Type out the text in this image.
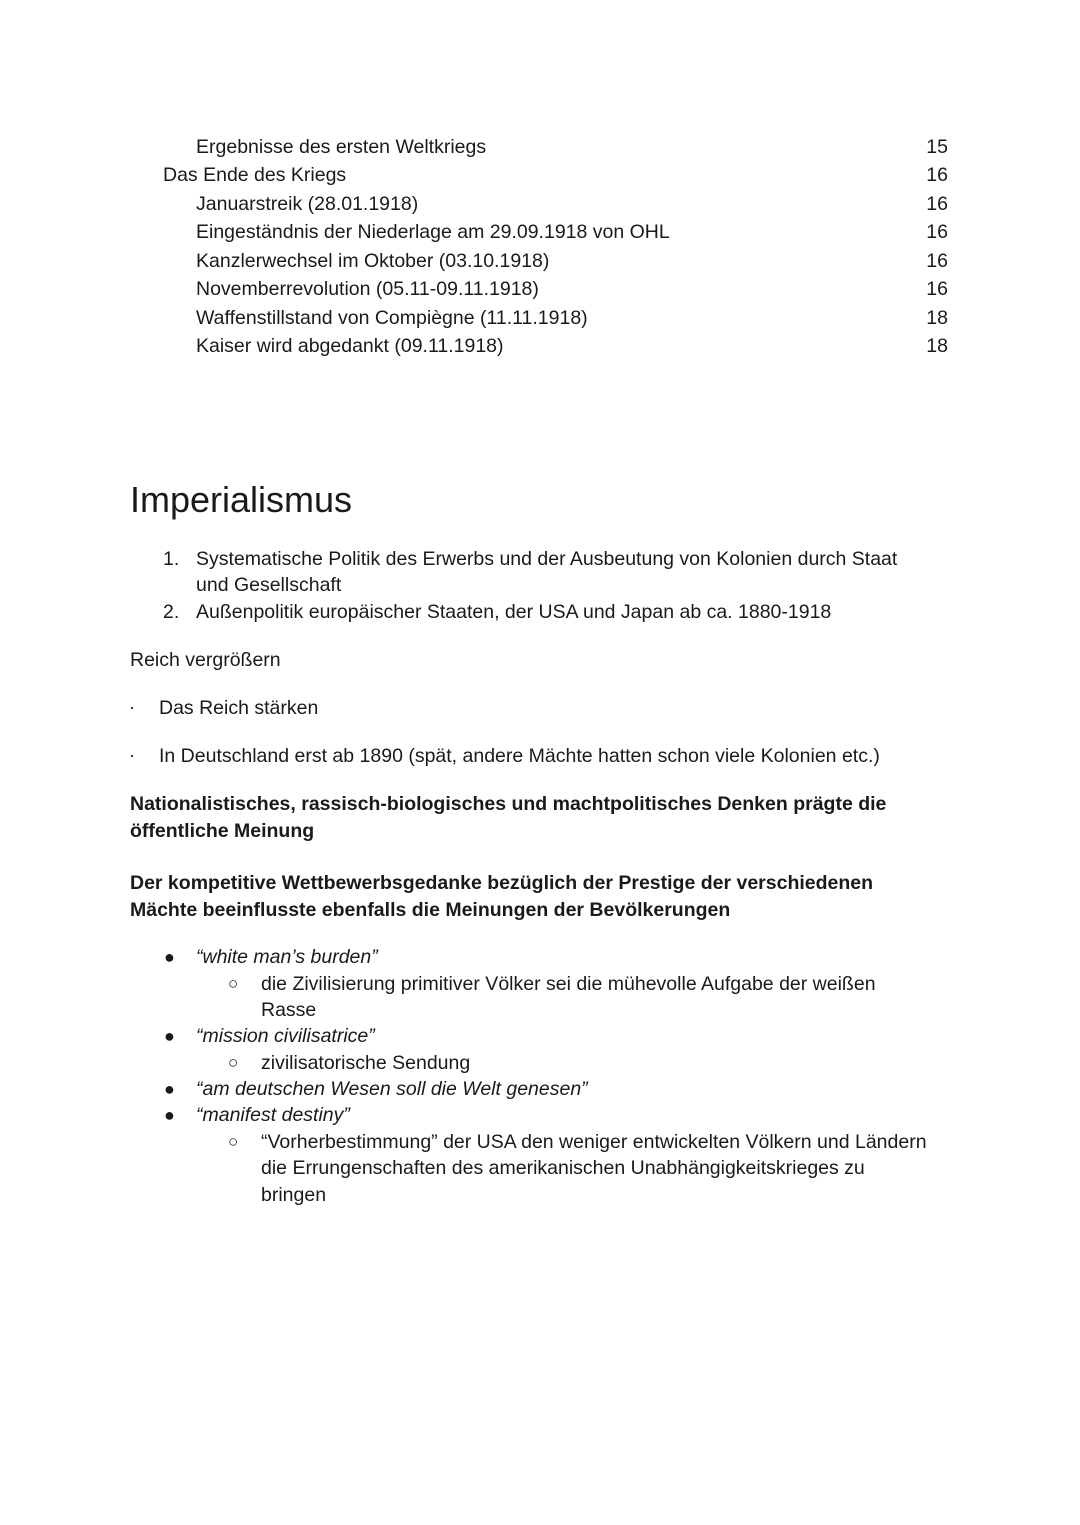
Ergebnisse des ersten Weltkriegs	15
Das Ende des Kriegs	16
Januarstreik (28.01.1918)	16
Eingeständnis der Niederlage am 29.09.1918 von OHL	16
Kanzlerwechsel im Oktober (03.10.1918)	16
Novemberrevolution (05.11-09.11.1918)	16
Waffenstillstand von Compiègne (11.11.1918)	18
Kaiser wird abgedankt (09.11.1918)	18
Imperialismus
1. Systematische Politik des Erwerbs und der Ausbeutung von Kolonien durch Staat
und Gesellschaft
2. Außenpolitik europäischer Staaten, der USA und Japan ab ca. 1880-1918
Reich vergrößern
· Das Reich stärken
· In Deutschland erst ab 1890 (spät, andere Mächte hatten schon viele Kolonien etc.)
Nationalistisches, rassisch-biologisches und machtpolitisches Denken prägte die
öffentliche Meinung
Der kompetitive Wettbewerbsgedanke bezüglich der Prestige der verschiedenen
Mächte beeinflusste ebenfalls die Meinungen der Bevölkerungen
● “white man’s burden”
○ die Zivilisierung primitiver Völker sei die mühevolle Aufgabe der weißen
Rasse
● “mission civilisatrice”
○ zivilisatorische Sendung
● “am deutschen Wesen soll die Welt genesen”
● “manifest destiny”
○ “Vorherbestimmung” der USA den weniger entwickelten Völkern und Ländern
die Errungenschaften des amerikanischen Unabhängigkeitskrieges zu
bringen
